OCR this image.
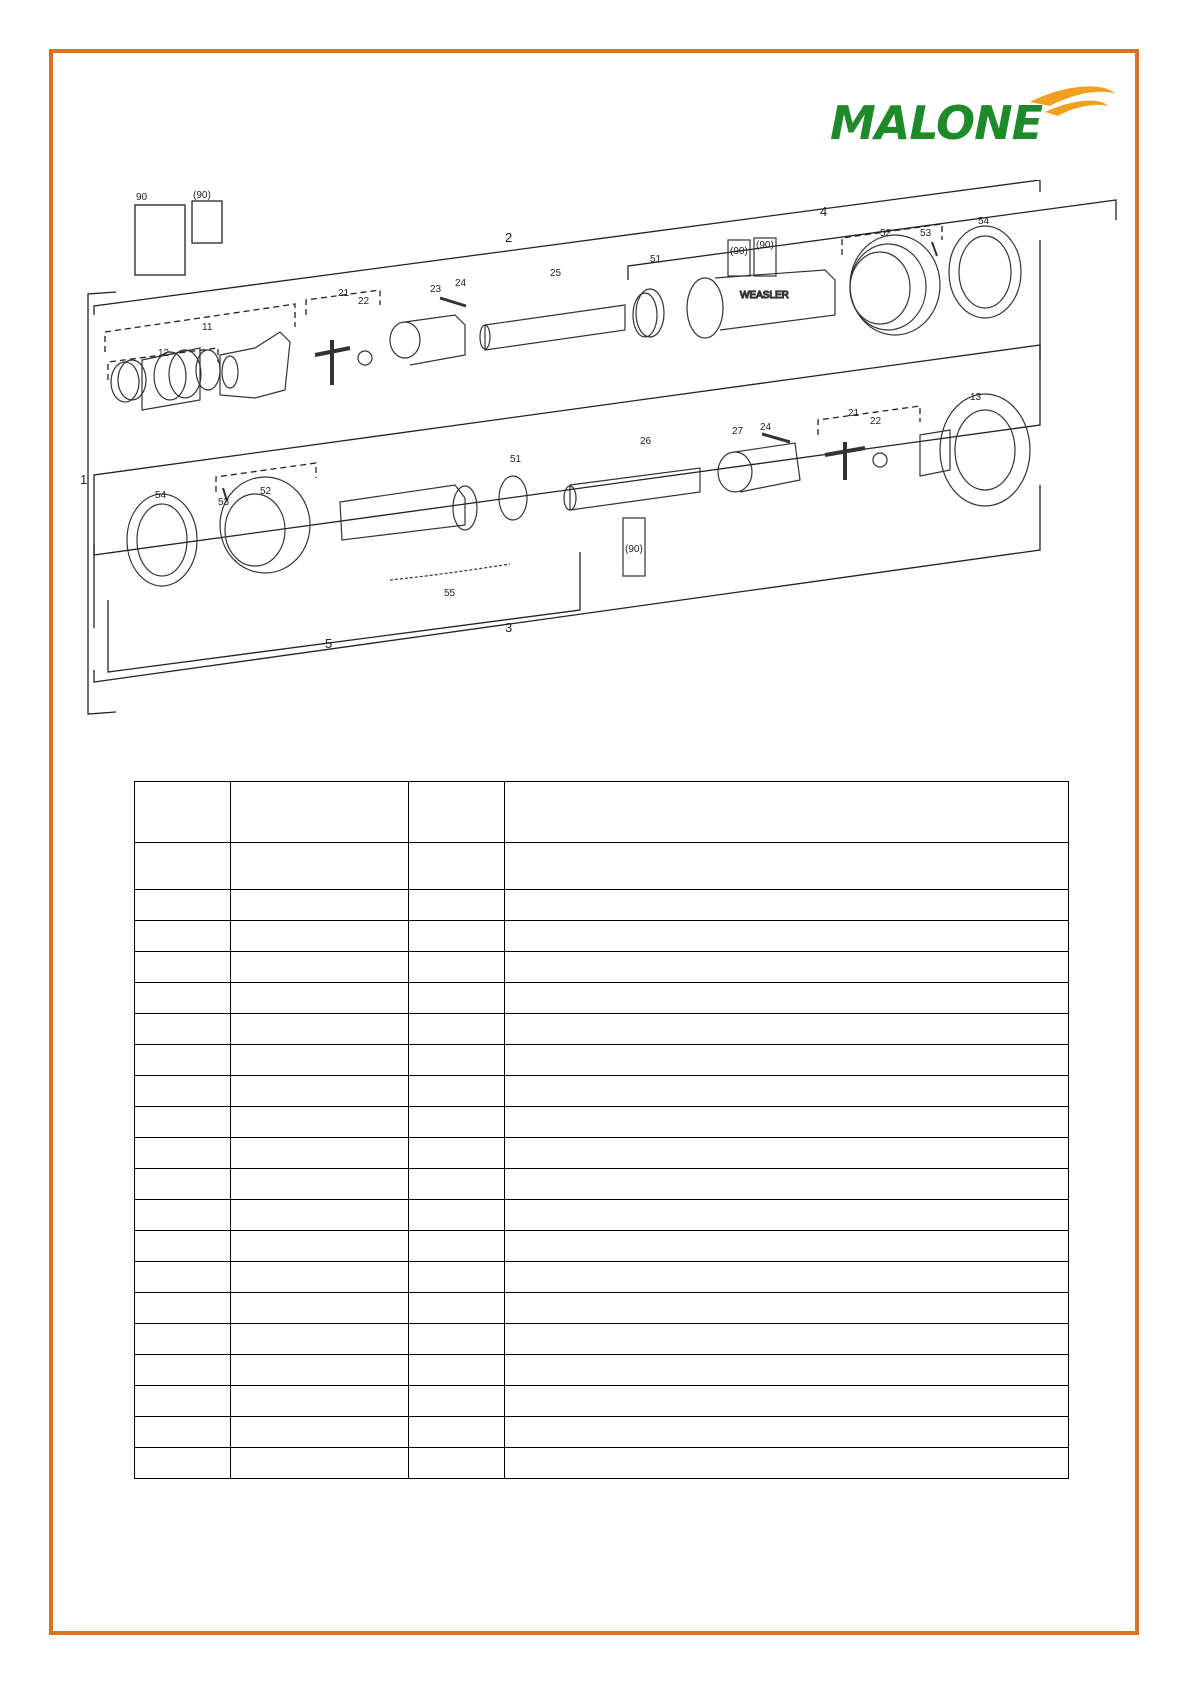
MALONE
WEASLER
2
4
1
5
3
90	(90)
11
12
21
22
23
24
25
51
(90)
(90)
52	53
54
54
53
52
51
55
26
(90)
27 24
21
22
13
